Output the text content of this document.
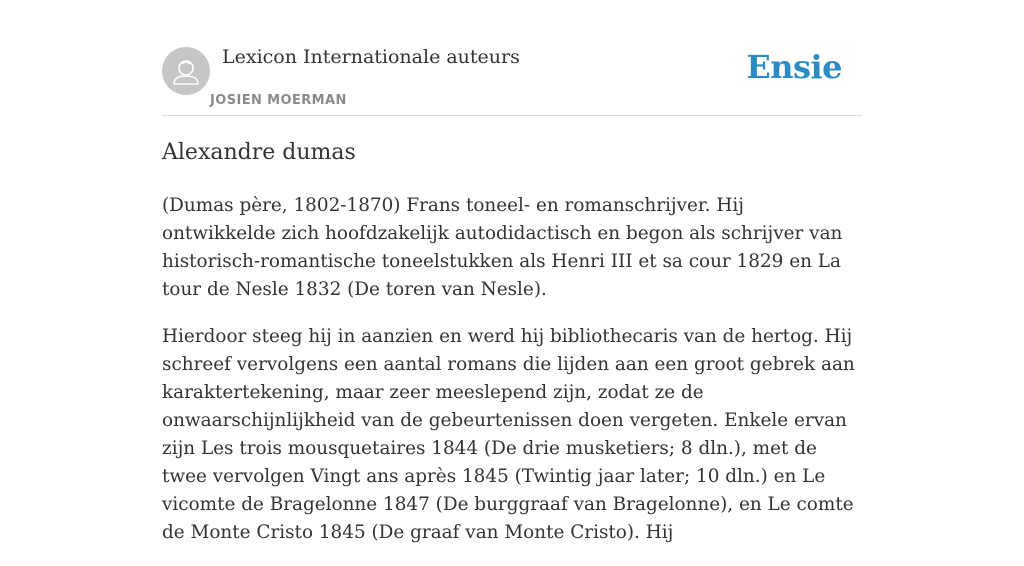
Lexicon Internationale auteurs
JOSIEN MOERMAN
Ensie
Alexandre dumas

(Dumas père, 1802-1870) Frans toneel- en romanschrijver. Hij ontwikkelde zich hoofdzakelijk autodidactisch en begon als schrijver van historisch-romantische toneelstukken als Henri III et sa cour 1829 en La tour de Nesle 1832 (De toren van Nesle).

Hierdoor steeg hij in aanzien en werd hij bibliothecaris van de hertog. Hij schreef vervolgens een aantal romans die lijden aan een groot gebrek aan karaktertekening, maar zeer meeslepend zijn, zodat ze de onwaarschijnlijkheid van de gebeurtenissen doen vergeten. Enkele ervan zijn Les trois mousquetaires 1844 (De drie musketiers; 8 dln.), met de twee vervolgen Vingt ans après 1845 (Twintig jaar later; 10 dln.) en Le vicomte de Bragelonne 1847 (De burggraaf van Bragelonne), en Le comte de Monte Cristo 1845 (De graaf van Monte Cristo). Hij
